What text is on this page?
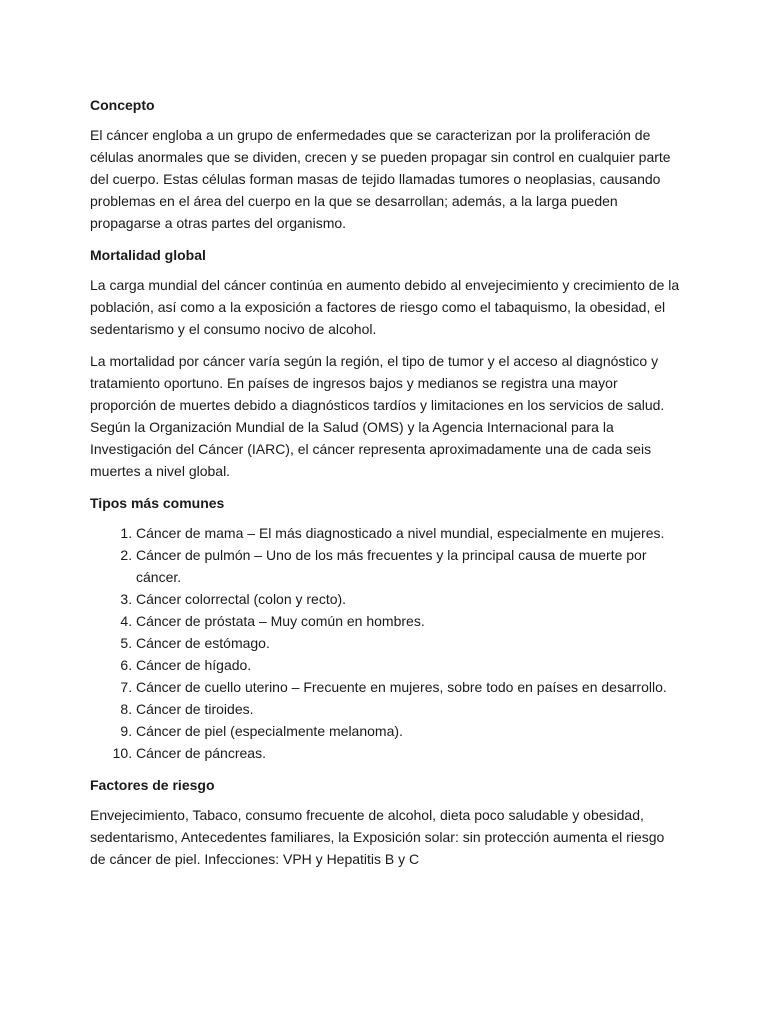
Concepto

El cáncer engloba a un grupo de enfermedades que se caracterizan por la proliferación de células anormales que se dividen, crecen y se pueden propagar sin control en cualquier parte del cuerpo. Estas células forman masas de tejido llamadas tumores o neoplasias, causando problemas en el área del cuerpo en la que se desarrollan; además, a la larga pueden propagarse a otras partes del organismo.

Mortalidad global

La carga mundial del cáncer continúa en aumento debido al envejecimiento y crecimiento de la población, así como a la exposición a factores de riesgo como el tabaquismo, la obesidad, el sedentarismo y el consumo nocivo de alcohol.

La mortalidad por cáncer varía según la región, el tipo de tumor y el acceso al diagnóstico y tratamiento oportuno. En países de ingresos bajos y medianos se registra una mayor proporción de muertes debido a diagnósticos tardíos y limitaciones en los servicios de salud. Según la Organización Mundial de la Salud (OMS) y la Agencia Internacional para la Investigación del Cáncer (IARC), el cáncer representa aproximadamente una de cada seis muertes a nivel global.

Tipos más comunes
1. Cáncer de mama – El más diagnosticado a nivel mundial, especialmente en mujeres.
2. Cáncer de pulmón – Uno de los más frecuentes y la principal causa de muerte por cáncer.
3. Cáncer colorrectal (colon y recto).
4. Cáncer de próstata – Muy común en hombres.
5. Cáncer de estómago.
6. Cáncer de hígado.
7. Cáncer de cuello uterino – Frecuente en mujeres, sobre todo en países en desarrollo.
8. Cáncer de tiroides.
9. Cáncer de piel (especialmente melanoma).
10. Cáncer de páncreas.
Factores de riesgo

Envejecimiento, Tabaco, consumo frecuente de alcohol, dieta poco saludable y obesidad, sedentarismo, Antecedentes familiares, la Exposición solar: sin protección aumenta el riesgo de cáncer de piel. Infecciones: VPH y Hepatitis B y C
